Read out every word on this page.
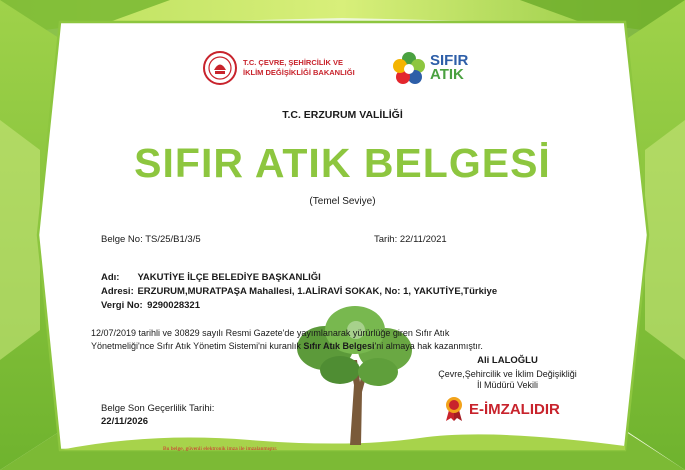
T.C. ÇEVRE, ŞEHİRCİLİK VE
İKLİM DEĞİŞİKLİĞİ BAKANLIĞI
SIFIR
ATIK
T.C. ERZURUM VALİLİĞİ
SIFIR ATIK BELGESİ
(Temel Seviye)
Belge No: TS/25/B1/3/5	Tarih: 22/11/2021
Adı: YAKUTİYE İLÇE BELEDİYE BAŞKANLIĞI
Adresi: ERZURUM,MURATPAŞA Mahallesi, 1.ALİRAVİ SOKAK, No: 1, YAKUTİYE,Türkiye
Vergi No: 9290028321
12/07/2019 tarihli ve 30829 sayılı Resmi Gazete'de yayımlanarak yürürlüğe giren Sıfır Atık
Yönetmeliği'nce Sıfır Atık Yönetim Sistemi'ni kuranlık Sıfır Atık Belgesi'ni almaya hak kazanmıştır.
Ali LALOĞLU
Çevre,Şehircilik ve İklim Değişikliği
İl Müdürü Vekili
E-İMZALIDIR
Belge Son Geçerlilik Tarihi:
22/11/2026
Bu belge, güvenli elektronik imza ile imzalanmıştır.
